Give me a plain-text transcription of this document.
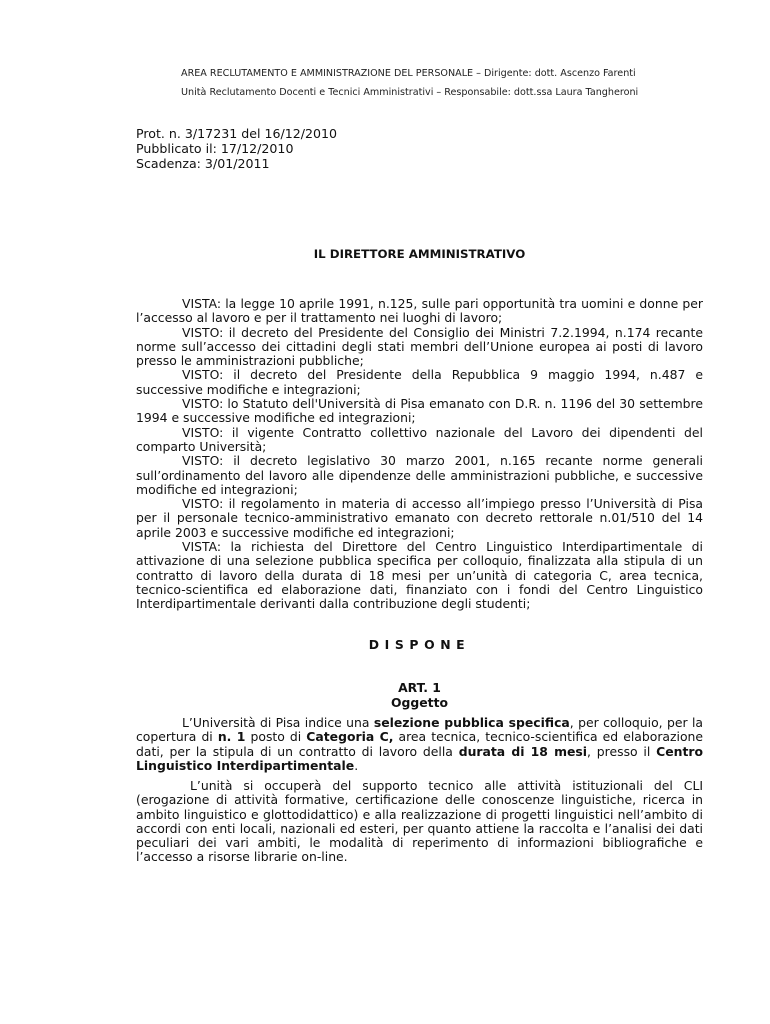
AREA RECLUTAMENTO E AMMINISTRAZIONE DEL PERSONALE – Dirigente: dott. Ascenzo Farenti
Unità Reclutamento Docenti e Tecnici Amministrativi – Responsabile: dott.ssa Laura Tangheroni
Prot. n. 3/17231 del 16/12/2010
Pubblicato il: 17/12/2010
Scadenza: 3/01/2011
IL DIRETTORE AMMINISTRATIVO

VISTA: la legge 10 aprile 1991, n.125, sulle pari opportunità tra uomini e donne per l’accesso al lavoro e per il trattamento nei luoghi di lavoro;

VISTO: il decreto del Presidente del Consiglio dei Ministri 7.2.1994, n.174 recante norme sull’accesso dei cittadini degli stati membri dell’Unione europea ai posti di lavoro presso le amministrazioni pubbliche;

VISTO: il decreto del Presidente della Repubblica 9 maggio 1994, n.487 e successive modifiche e integrazioni;

VISTO: lo Statuto dell'Università di Pisa emanato con D.R. n. 1196 del 30 settembre 1994 e successive modifiche ed integrazioni;

VISTO: il vigente Contratto collettivo nazionale del Lavoro dei dipendenti del comparto Università;

VISTO: il decreto legislativo 30 marzo 2001, n.165 recante norme generali sull’ordinamento del lavoro alle dipendenze delle amministrazioni pubbliche, e successive modifiche ed integrazioni;

VISTO: il regolamento in materia di accesso all’impiego presso l’Università di Pisa per il personale tecnico-amministrativo emanato con decreto rettorale n.01/510 del 14 aprile 2003 e successive modifiche ed integrazioni;

VISTA: la richiesta del Direttore del Centro Linguistico Interdipartimentale di attivazione di una selezione pubblica specifica per colloquio, finalizzata alla stipula di un contratto di lavoro della durata di 18 mesi per un’unità di categoria C, area tecnica, tecnico-scientifica ed elaborazione dati, finanziato con i fondi del Centro Linguistico Interdipartimentale derivanti dalla contribuzione degli studenti;

DISPONE
ART. 1
Oggetto

L’Università di Pisa indice una selezione pubblica specifica, per colloquio, per la copertura di n. 1 posto di Categoria C, area tecnica, tecnico-scientifica ed elaborazione dati, per la stipula di un contratto di lavoro della durata di 18 mesi, presso il Centro Linguistico Interdipartimentale.

L’unità si occuperà del supporto tecnico alle attività istituzionali del CLI (erogazione di attività formative, certificazione delle conoscenze linguistiche, ricerca in ambito linguistico e glottodidattico) e alla realizzazione di progetti linguistici nell’ambito di accordi con enti locali, nazionali ed esteri, per quanto attiene la raccolta e l’analisi dei dati peculiari dei vari ambiti, le modalità di reperimento di informazioni bibliografiche e l’accesso a risorse librarie on-line.
